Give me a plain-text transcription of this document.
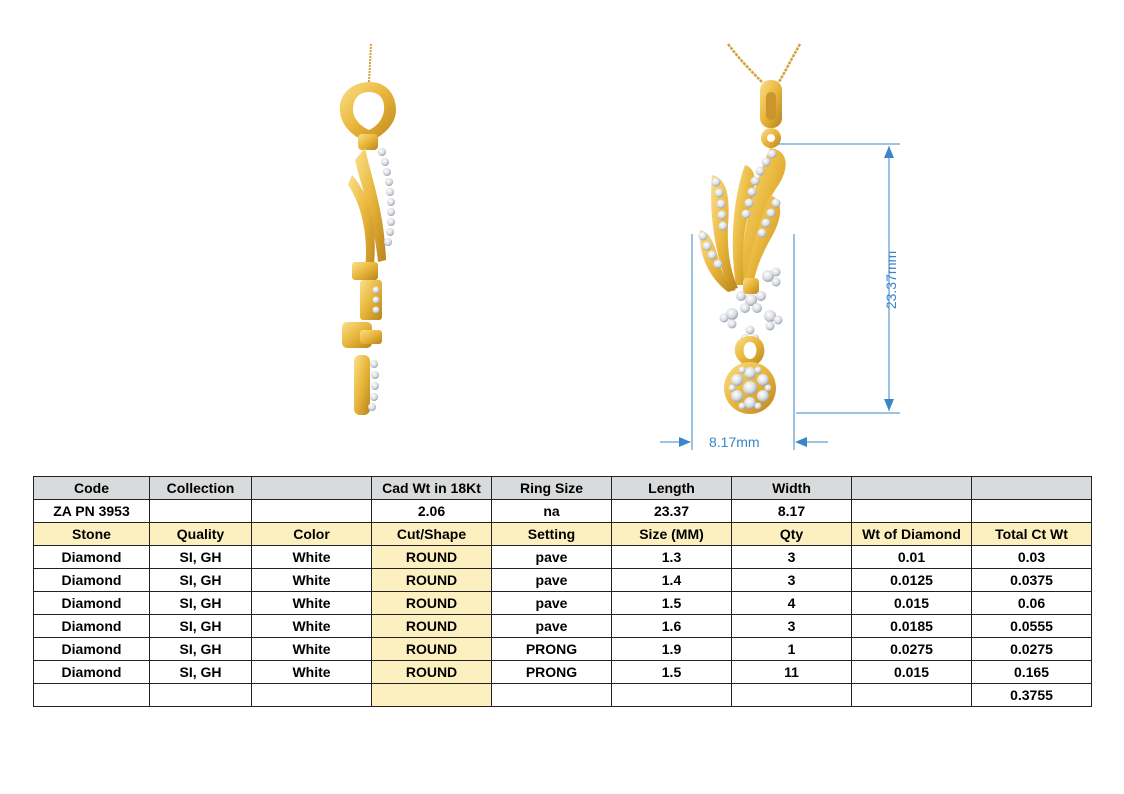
23.37mm
8.17mm
Code	Collection		Cad Wt in 18Kt	Ring Size	Length	Width		
ZA PN 3953			2.06	na	23.37	8.17		
Stone	Quality	Color	Cut/Shape	Setting	Size (MM)	Qty	Wt of Diamond	Total Ct Wt
Diamond	SI, GH	White	ROUND	pave	1.3	3	0.01	0.03
Diamond	SI, GH	White	ROUND	pave	1.4	3	0.0125	0.0375
Diamond	SI, GH	White	ROUND	pave	1.5	4	0.015	0.06
Diamond	SI, GH	White	ROUND	pave	1.6	3	0.0185	0.0555
Diamond	SI, GH	White	ROUND	PRONG	1.9	1	0.0275	0.0275
Diamond	SI, GH	White	ROUND	PRONG	1.5	11	0.015	0.165
								0.3755
